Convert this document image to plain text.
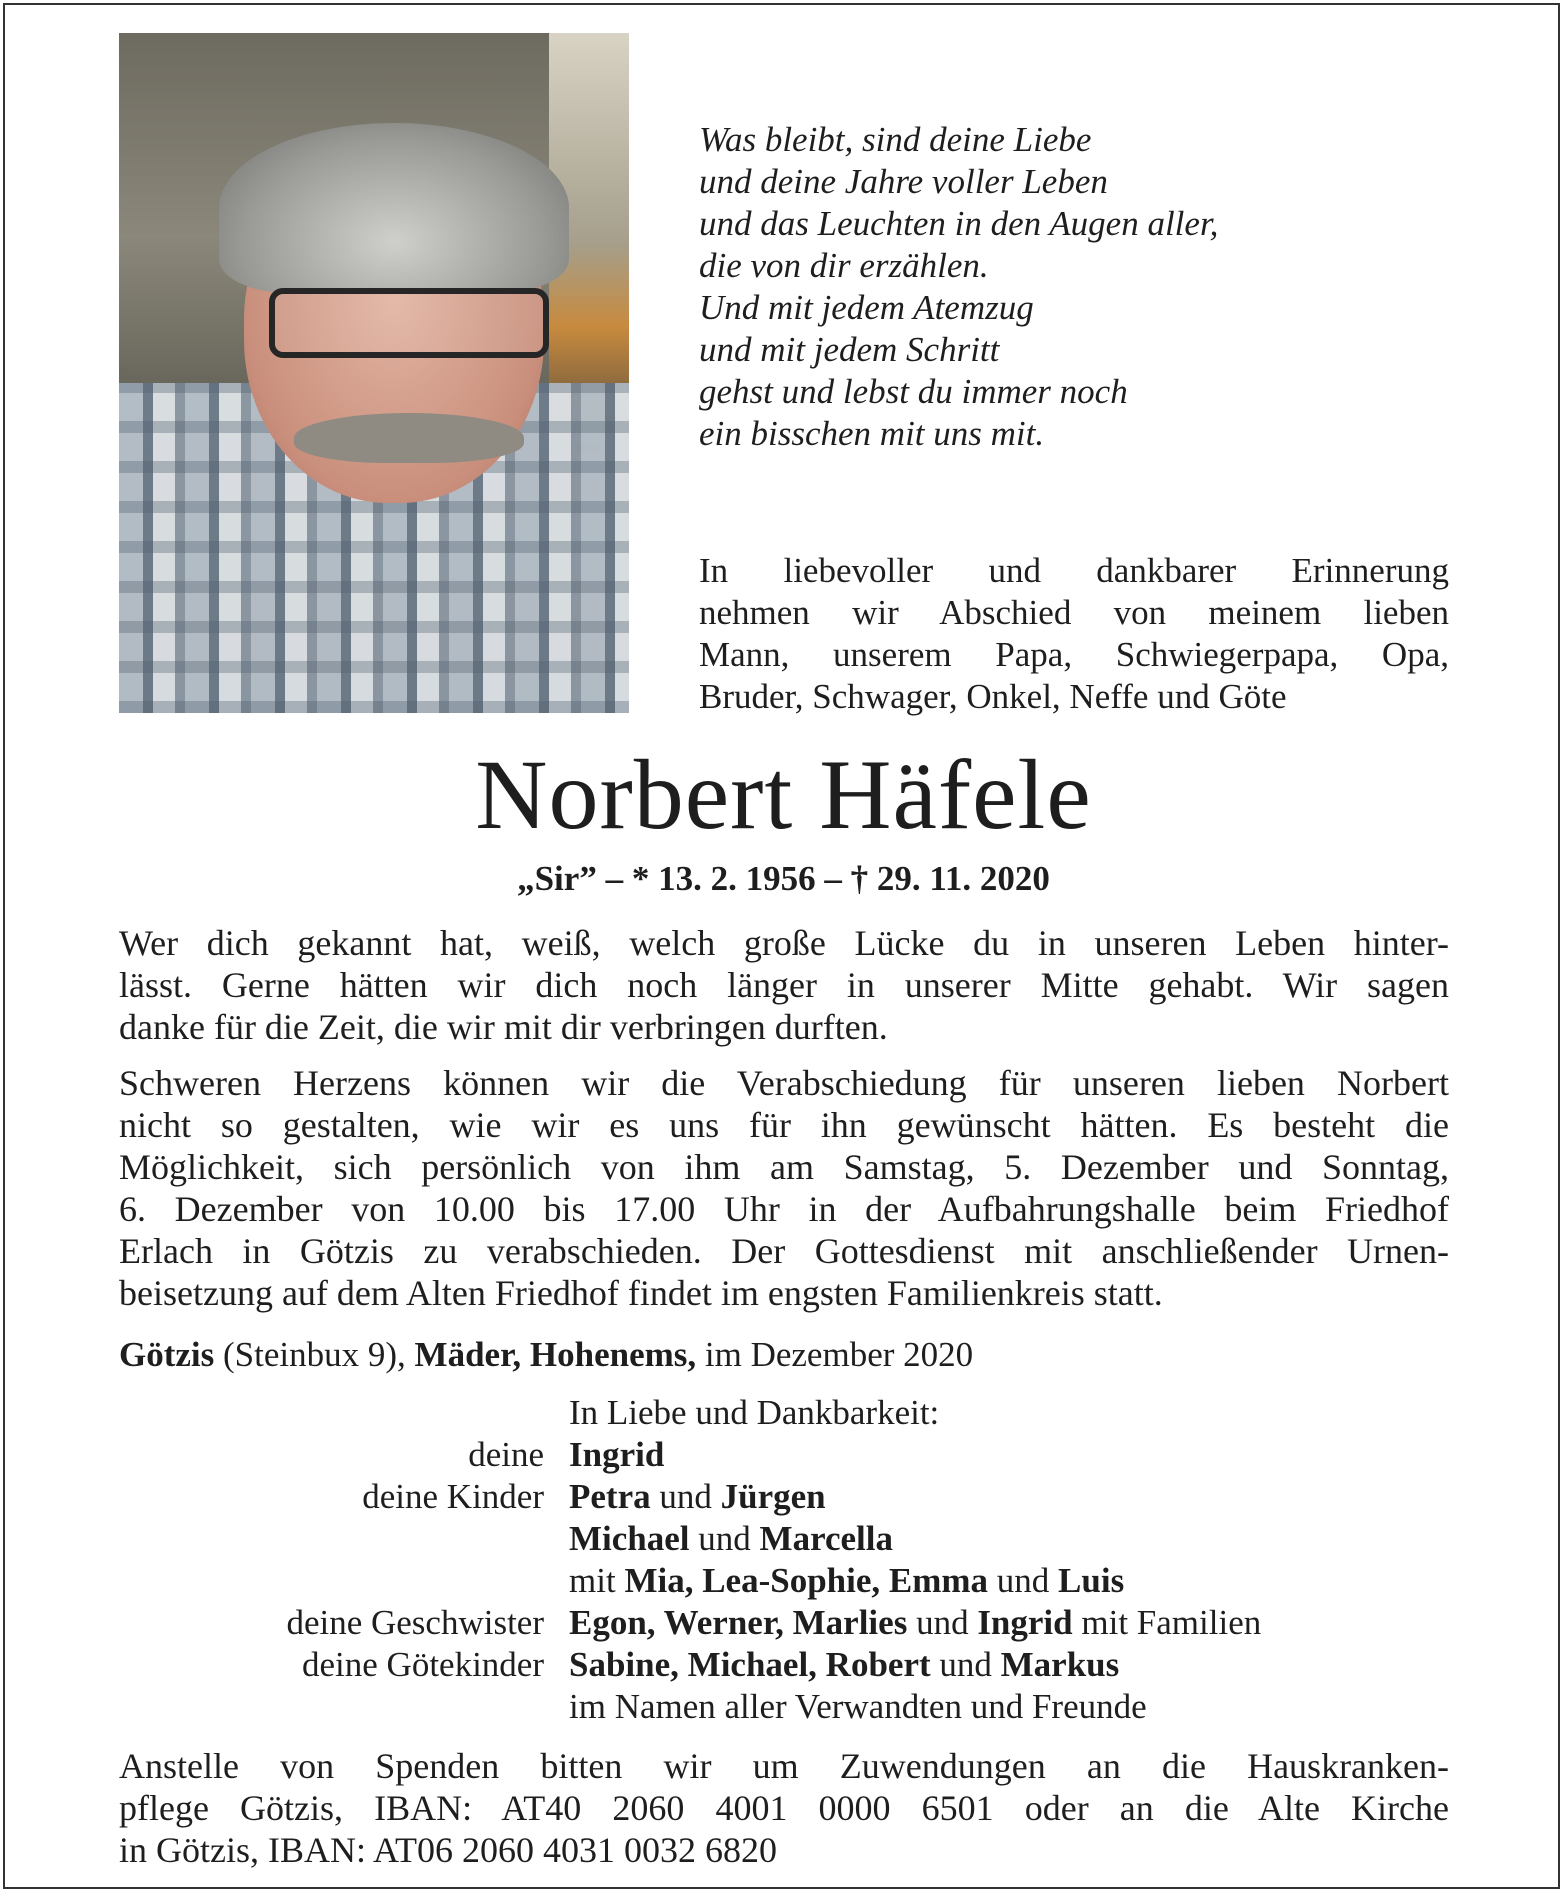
Was bleibt, sind deine Liebe
und deine Jahre voller Leben
und das Leuchten in den Augen aller,
die von dir erzählen.
Und mit jedem Atemzug
und mit jedem Schritt
gehst und lebst du immer noch
ein bisschen mit uns mit.
In liebevoller und dankbarer Erinnerung
nehmen wir Abschied von meinem lieben
Mann, unserem Papa, Schwiegerpapa, Opa,
Bruder, Schwager, Onkel, Neffe und Göte
Norbert Häfele
„Sir” – * 13. 2. 1956 – † 29. 11. 2020
Wer dich gekannt hat, weiß, welch große Lücke du in unseren Leben hinter-
lässt. Gerne hätten wir dich noch länger in unserer Mitte gehabt. Wir sagen
danke für die Zeit, die wir mit dir verbringen durften.
Schweren Herzens können wir die Verabschiedung für unseren lieben Norbert
nicht so gestalten, wie wir es uns für ihn gewünscht hätten. Es besteht die
Möglichkeit, sich persönlich von ihm am Samstag, 5. Dezember und Sonntag,
6. Dezember von 10.00 bis 17.00 Uhr in der Aufbahrungshalle beim Friedhof
Erlach in Götzis zu verabschieden. Der Gottesdienst mit anschließender Urnen-
beisetzung auf dem Alten Friedhof findet im engsten Familienkreis statt.
Götzis (Steinbux 9), Mäder, Hohenems, im Dezember 2020
In Liebe und Dankbarkeit:
deine Ingrid
deine Kinder Petra und Jürgen
Michael und Marcella
mit Mia, Lea-Sophie, Emma und Luis
deine Geschwister Egon, Werner, Marlies und Ingrid mit Familien
deine Götekinder Sabine, Michael, Robert und Markus
im Namen aller Verwandten und Freunde
Anstelle von Spenden bitten wir um Zuwendungen an die Hauskranken-
pflege Götzis, IBAN: AT40 2060 4001 0000 6501 oder an die Alte Kirche
in Götzis, IBAN: AT06 2060 4031 0032 6820
